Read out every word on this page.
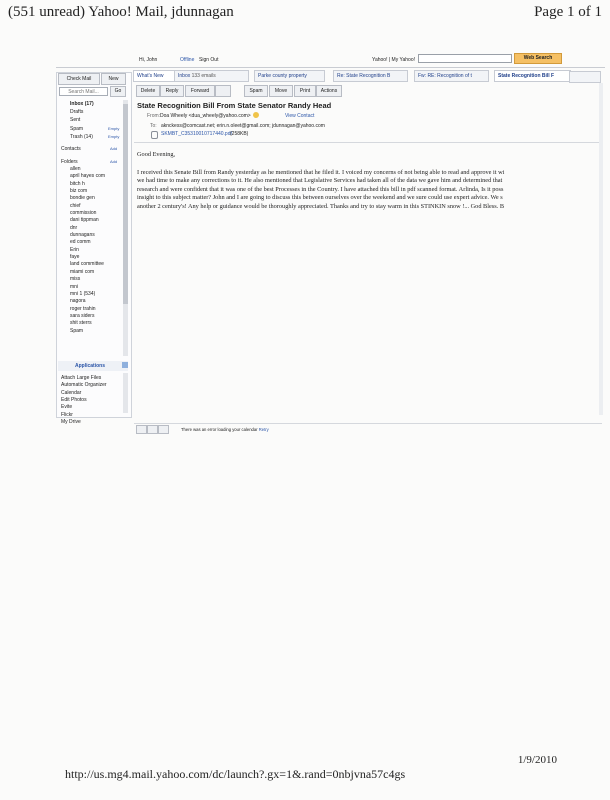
(551 unread) Yahoo! Mail, jdunnagan	Page 1 of 1
Hi, John	Offline Sign Out	Yahoo! | My Yahoo!	Web Search
Check Mail	New
Search Mail...
Go
Inbox (17)
Drafts
Sent
Spam	Empty
Trash (14)	Empty
Contacts	Add
Folders	Add
allen
april hayes com
bitch h
biz com
bondie gen
chief
commission
dani tippman
dnr
dunnagans
ed comm
Erin
faye
land committee
miami com
miss
mni
mni 1 (534)
nagora
roger trahin
sara siders
shit sterrs
Spam
Applications
Attach Large Files
Automatic Organizer
Calendar
Edit Photos
Evite
Flickr
My Drive
What's New	Inbox 133 emails	Parke county property	Re: State Recognition B	Fw: RE: Recognition of t	State Recognition Bill F
Delete	Reply	Forward	Spam	Move	Print	Actions
State Recognition Bill From State Senator Randy Head
From: Doa Wheely <dua_wheely@yahoo.com>	View Contact
To: aknckess@comcast.net; erin.n.oleet@gmail.com; jdunnagan@yahoo.com
SKMBT_C35310010717440.pdf
(258KB)
Good Evening,
I received this Senate Bill from Randy yesterday as he mentioned that he filed it. I voiced my concerns of not being able to read and approve it wi
we had time to make any corrections to it. He also mentioned that Legislative Services had taken all of the data we gave him and determined that
research and were confident that it was one of the best Processes in the Country. I have attached this bill in pdf scanned format. Arlinda, Is it poss
insight to this subject matter? John and I are going to discuss this between ourselves over the weekend and we sure could use expert advice. We s
another 2 century's! Any help or guidance would be thoroughly appreciated. Thanks and try to stay warm in this STINKIN snow !... God Bless. B
There was an error loading your calendar Retry
1/9/2010
http://us.mg4.mail.yahoo.com/dc/launch?.gx=1&.rand=0nbjvna57c4gs
